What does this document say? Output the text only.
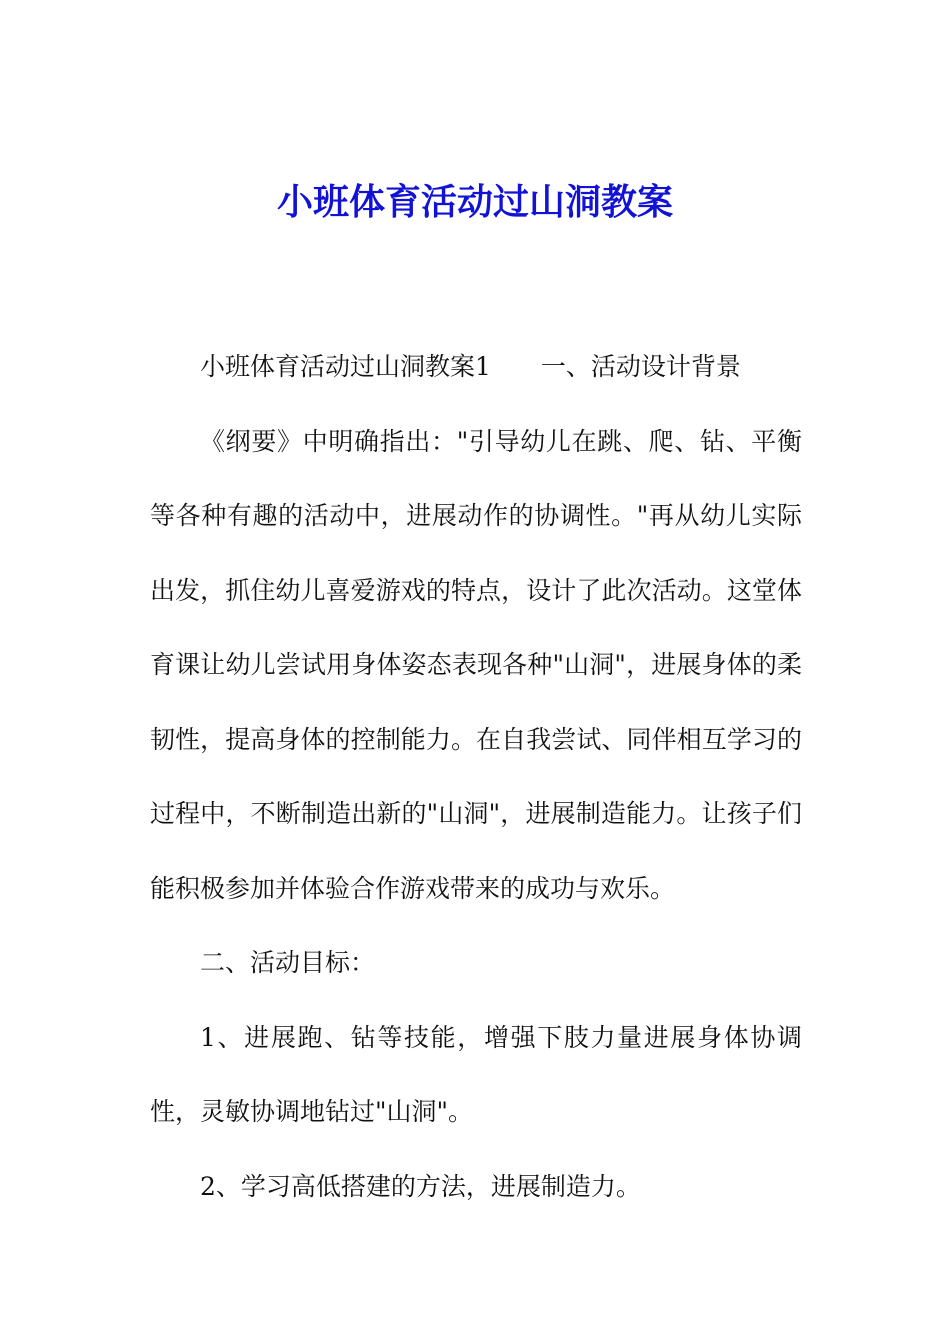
小班体育活动过山洞教案

小班体育活动过山洞教案1　　一、活动设计背景

《纲要》中明确指出："引导幼儿在跳、爬、钻、平衡等各种有趣的活动中，进展动作的协调性。"再从幼儿实际出发，抓住幼儿喜爱游戏的特点，设计了此次活动。这堂体育课让幼儿尝试用身体姿态表现各种"山洞"，进展身体的柔韧性，提高身体的控制能力。在自我尝试、同伴相互学习的过程中，不断制造出新的"山洞"，进展制造能力。让孩子们能积极参加并体验合作游戏带来的成功与欢乐。

二、活动目标：

1、进展跑、钻等技能，增强下肢力量进展身体协调性，灵敏协调地钻过"山洞"。

2、学习高低搭建的方法，进展制造力。
